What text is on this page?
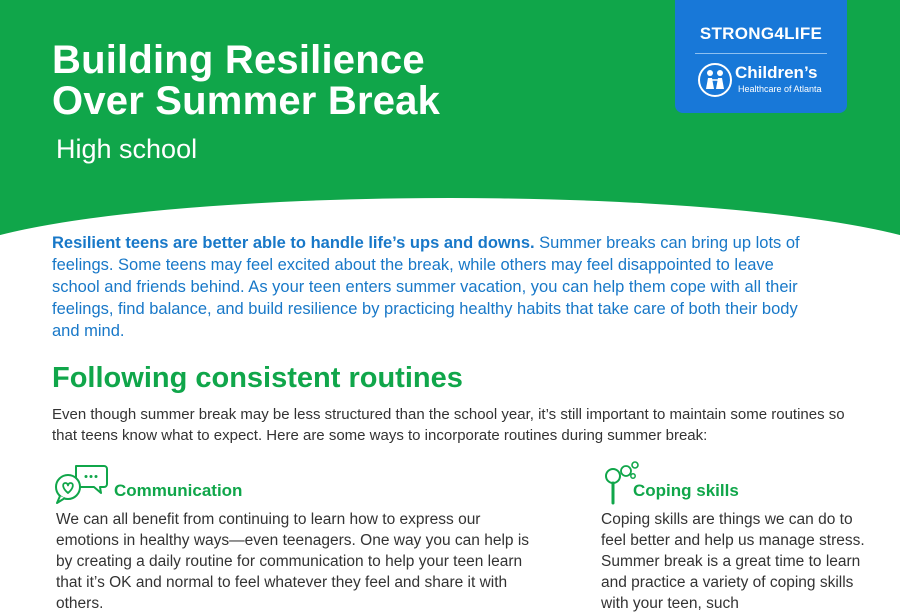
Building Resilience
Over Summer Break
High school
STRONG4LIFE
Children’s
Healthcare of Atlanta

Resilient teens are better able to handle life’s ups and downs. Summer breaks can bring up lots of feelings. Some teens may feel excited about the break, while others may feel disappointed to leave school and friends behind. As your teen enters summer vacation, you can help them cope with all their feelings, find balance, and build resilience by practicing healthy habits that take care of both their body and mind.

Following consistent routines

Even though summer break may be less structured than the school year, it’s still important to maintain some routines so that teens know what to expect. Here are some ways to incorporate routines during summer break:

Communication

We can all benefit from continuing to learn how to express our emotions in healthy ways—even teenagers. One way you can help is by creating a daily routine for communication to help your teen learn that it’s OK and normal to feel whatever they feel and share it with others.

Coping skills

Coping skills are things we can do to feel better and help us manage stress. Summer break is a great time to learn and practice a variety of coping skills with your teen, such
